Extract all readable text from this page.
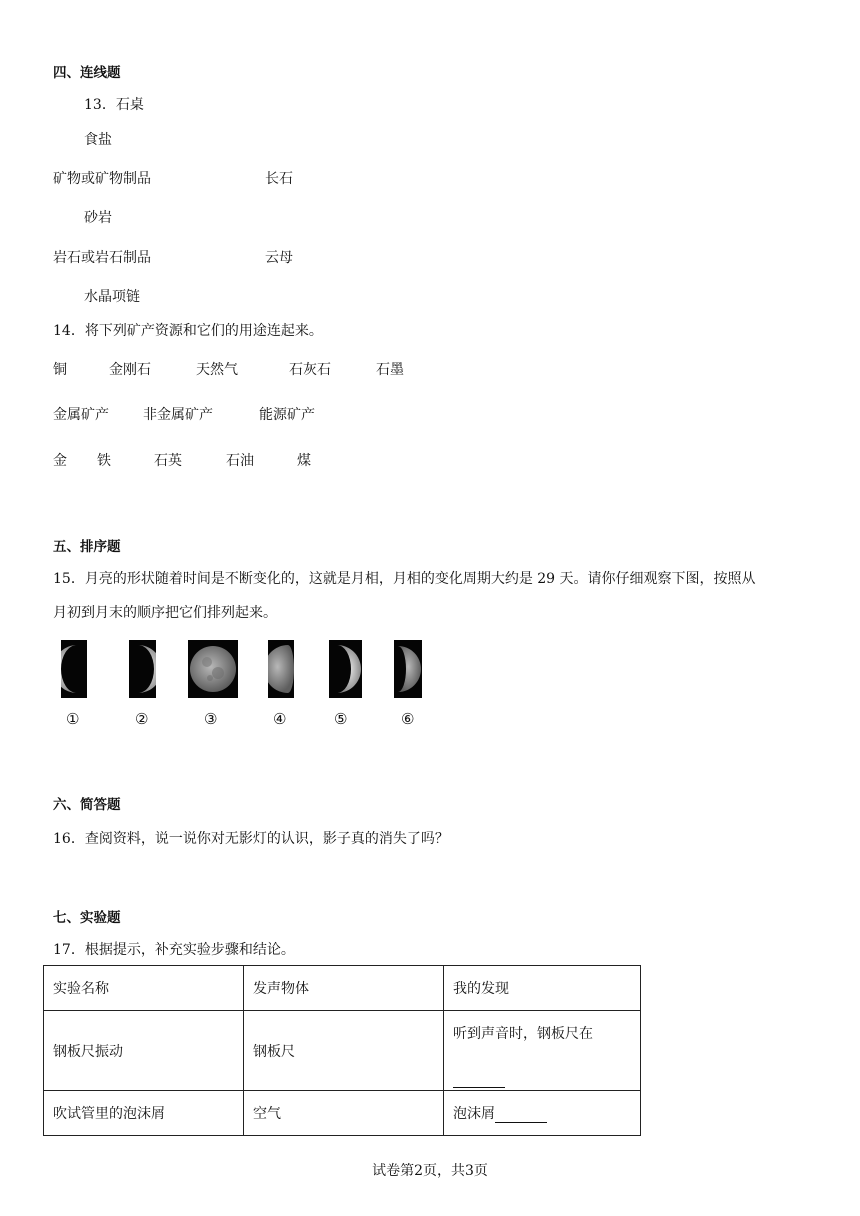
四、连线题
13．石桌
食盐
矿物或矿物制品	长石
砂岩
岩石或岩石制品	云母
水晶项链
14．将下列矿产资源和它们的用途连起来。
铜	金刚石	天然气	石灰石	石墨
金属矿产 非金属矿产	能源矿产
金 铁	石英	石油	煤
五、排序题
15．月亮的形状随着时间是不断变化的，这就是月相，月相的变化周期大约是 29 天。请你仔细观察下图，按照从
月初到月末的顺序把它们排列起来。
①	②	③	④	⑤	⑥
六、简答题
16．查阅资料，说一说你对无影灯的认识，影子真的消失了吗？
七、实验题
17．根据提示，补充实验步骤和结论。
实验名称	发声物体	我的发现
钢板尺振动	钢板尺	听到声音时，钢板尺在

吹试管里的泡沫屑	空气	泡沫屑
试卷第2页，共3页
